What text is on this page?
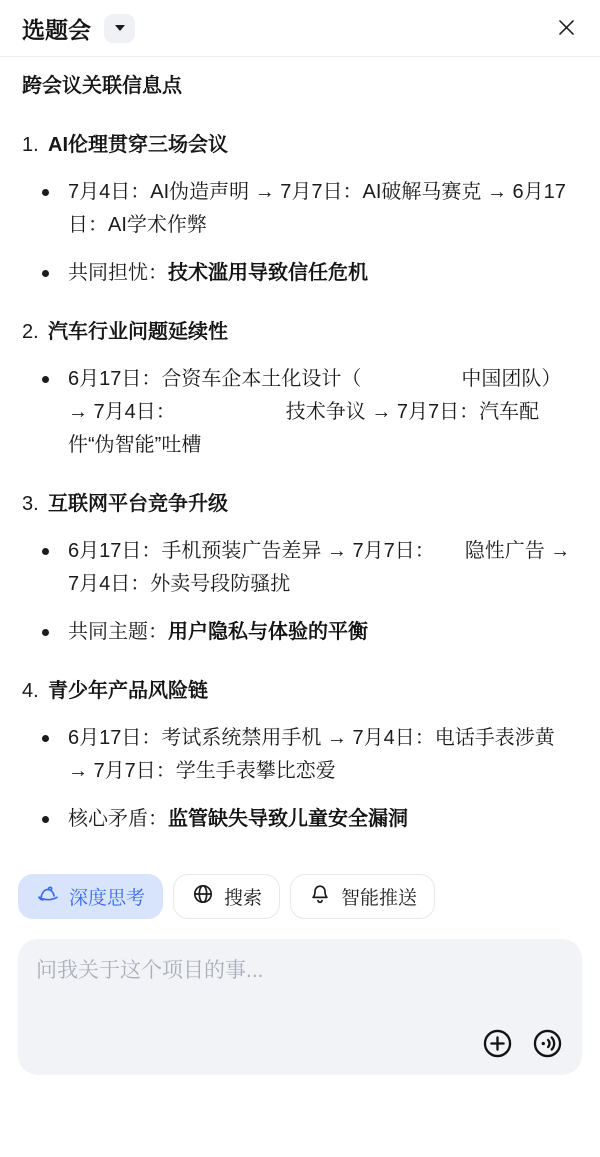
选题会
跨会议关联信息点
1. AI伦理贯穿三场会议

7月4日：AI伪造声明 → 7月7日：AI破解马赛克 → 6月17日：AI学术作弊

共同担忧：技术滥用导致信任危机

2. 汽车行业问题延续性

6月17日：合资车企本土化设计（　　　　　中国团队） → 7月4日：　　　　　　技术争议 → 7月7日：汽车配件“伪智能”吐槽

3. 互联网平台竞争升级

6月17日：手机预装广告差异 → 7月7日：　　隐性广告 → 7月4日：外卖号段防骚扰

共同主题：用户隐私与体验的平衡

4. 青少年产品风险链

6月17日：考试系统禁用手机 → 7月4日：电话手表涉黄 → 7月7日：学生手表攀比恋爱

核心矛盾：监管缺失导致儿童安全漏洞

深度思考	搜索	智能推送
问我关于这个项目的事...
